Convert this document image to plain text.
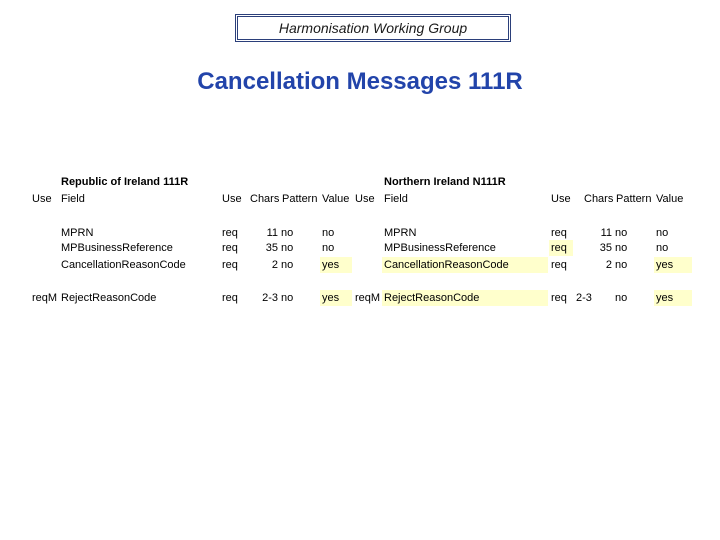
Harmonisation Working Group
Cancellation Messages 111R
Republic of Ireland 111R
Use Field	Use Chars Pattern Value
MPRN	req	11 no	no
MPBusinessReference	req	35 no	no
CancellationReasonCode	req	2 no	yes
reqM RejectReasonCode	req	2-3 no	yes
Northern Ireland N111R
Use Field	Use Chars Pattern Value
MPRN	req	11 no	no
MPBusinessReference	req	35 no	no
CancellationReasonCode	req	2 no	yes
reqM RejectReasonCode	req 2-3 no	yes
